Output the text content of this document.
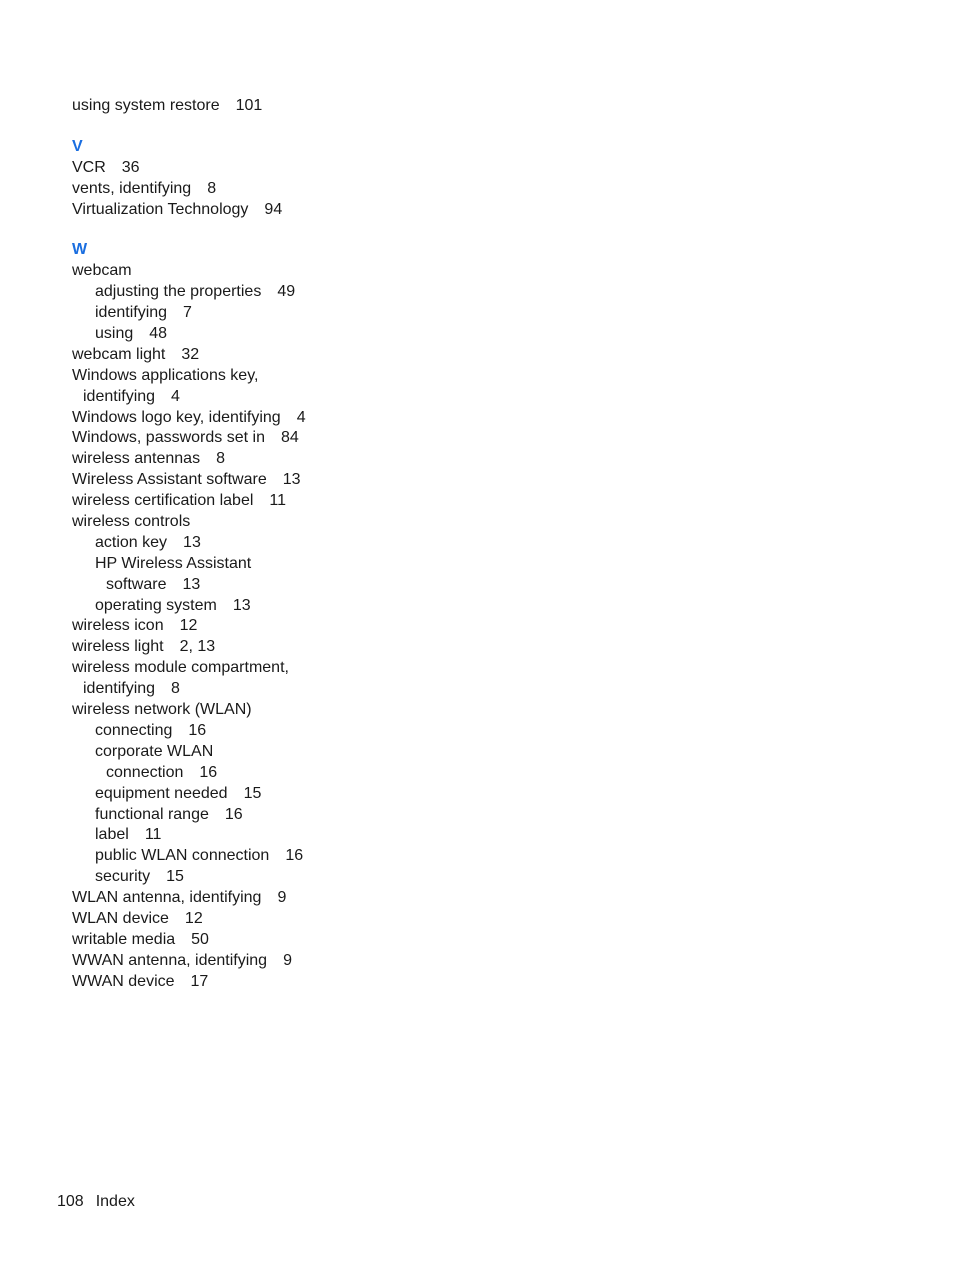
using system restore 101
V
VCR 36
vents, identifying 8
Virtualization Technology 94
W
webcam
adjusting the properties 49
identifying 7
using 48
webcam light 32
Windows applications key,
identifying 4
Windows logo key, identifying 4
Windows, passwords set in 84
wireless antennas 8
Wireless Assistant software 13
wireless certification label 11
wireless controls
action key 13
HP Wireless Assistant
software 13
operating system 13
wireless icon 12
wireless light 2, 13
wireless module compartment,
identifying 8
wireless network (WLAN)
connecting 16
corporate WLAN
connection 16
equipment needed 15
functional range 16
label 11
public WLAN connection 16
security 15
WLAN antenna, identifying 9
WLAN device 12
writable media 50
WWAN antenna, identifying 9
WWAN device 17
108 Index
